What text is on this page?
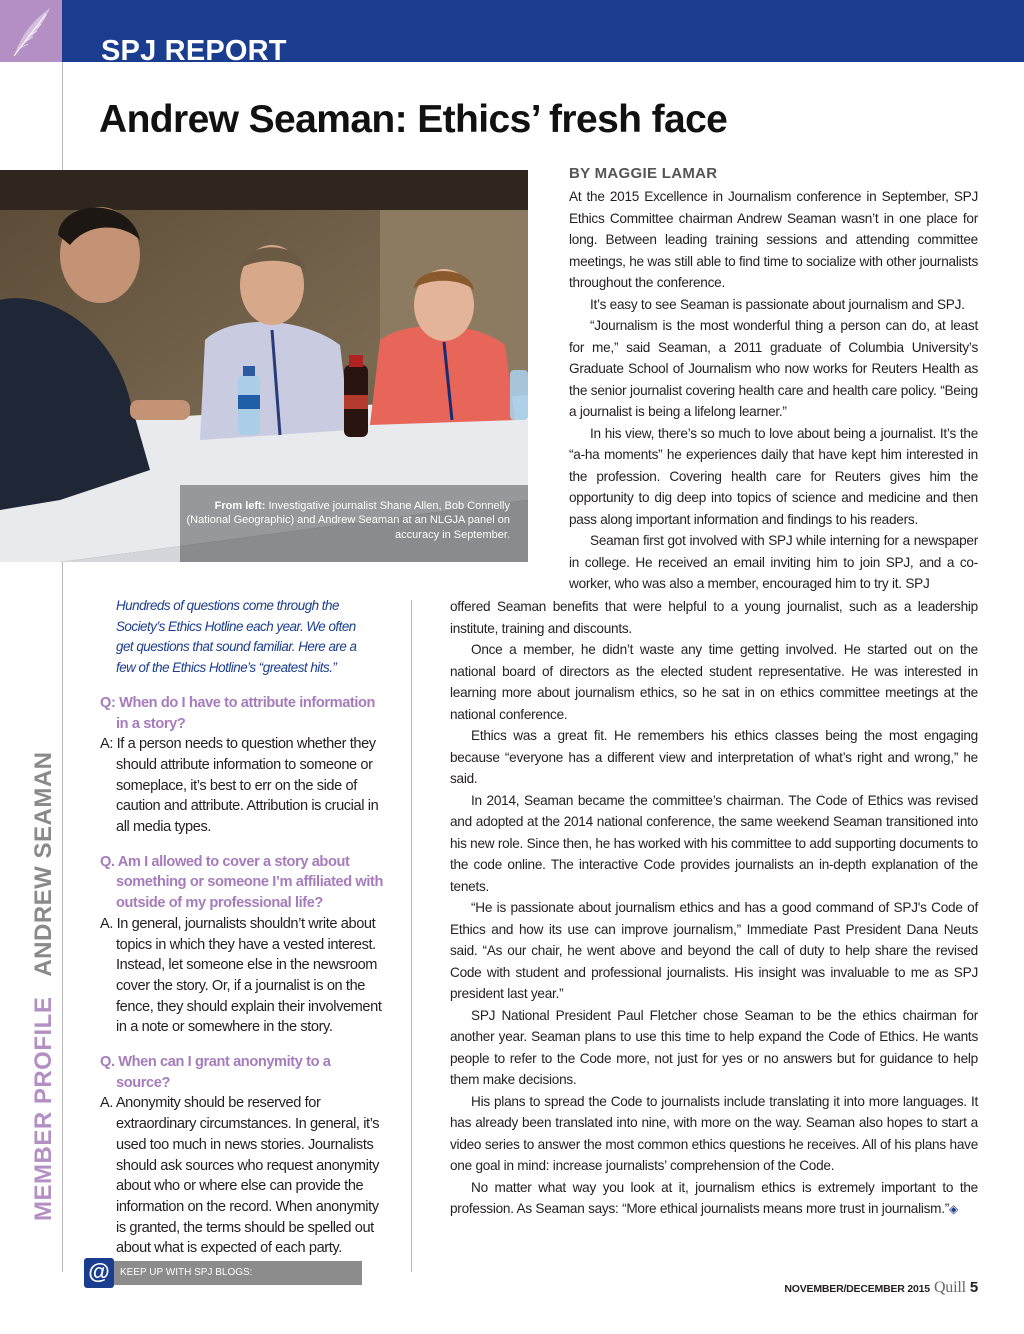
SPJ REPORT
Andrew Seaman: Ethics’ fresh face
From left: Investigative journalist Shane Allen, Bob Connelly (National Geographic) and Andrew Seaman at an NLGJA panel on accuracy in September.
BY MAGGIE LAMAR

At the 2015 Excellence in Journalism conference in September, SPJ Ethics Committee chairman Andrew Seaman wasn’t in one place for long. Between leading training sessions and attending committee meetings, he was still able to find time to socialize with other journalists throughout the conference.

It’s easy to see Seaman is passionate about journalism and SPJ.

“Journalism is the most wonderful thing a person can do, at least for me,” said Seaman, a 2011 graduate of Columbia University’s Graduate School of Journalism who now works for Reuters Health as the senior journalist covering health care and health care policy. “Being a journalist is being a lifelong learner.”

In his view, there’s so much to love about being a journalist. It’s the “a-ha moments” he experiences daily that have kept him interested in the profession. Covering health care for Reuters gives him the opportunity to dig deep into topics of science and medicine and then pass along important information and findings to his readers.

Seaman first got involved with SPJ while interning for a newspaper in college. He received an email inviting him to join SPJ, and a co-worker, who was also a member, encouraged him to try it. SPJ

offered Seaman benefits that were helpful to a young journalist, such as a leadership institute, training and discounts.

Once a member, he didn’t waste any time getting involved. He started out on the national board of directors as the elected student representative. He was interested in learning more about journalism ethics, so he sat in on ethics committee meetings at the national conference.

Ethics was a great fit. He remembers his ethics classes being the most engaging because “everyone has a different view and interpretation of what’s right and wrong,” he said.

In 2014, Seaman became the committee’s chairman. The Code of Ethics was revised and adopted at the 2014 national conference, the same weekend Seaman transitioned into his new role. Since then, he has worked with his committee to add supporting documents to the code online. The interactive Code provides journalists an in-depth explanation of the tenets.

“He is passionate about journalism ethics and has a good command of SPJ's Code of Ethics and how its use can improve journalism,” Immediate Past President Dana Neuts said. “As our chair, he went above and beyond the call of duty to help share the revised Code with student and professional journalists. His insight was invaluable to me as SPJ president last year.”

SPJ National President Paul Fletcher chose Seaman to be the ethics chairman for another year. Seaman plans to use this time to help expand the Code of Ethics. He wants people to refer to the Code more, not just for yes or no answers but for guidance to help them make decisions.

His plans to spread the Code to journalists include translating it into more languages. It has already been translated into nine, with more on the way. Seaman also hopes to start a video series to answer the most common ethics questions he receives. All of his plans have one goal in mind: increase journalists’ comprehension of the Code.

No matter what way you look at it, journalism ethics is extremely important to the profession. As Seaman says: “More ethical journalists means more trust in journalism.”◈

Hundreds of questions come through the Society’s Ethics Hotline each year. We often get questions that sound familiar. Here are a few of the Ethics Hotline’s “greatest hits.”

Q: When do I have to attribute information in a story?
A: If a person needs to question whether they should attribute information to someone or someplace, it’s best to err on the side of caution and attribute. Attribution is crucial in all media types.
Q. Am I allowed to cover a story about something or someone I’m affiliated with outside of my professional life?
A. In general, journalists shouldn’t write about topics in which they have a vested interest. Instead, let someone else in the newsroom cover the story. Or, if a journalist is on the fence, they should explain their involvement in a note or somewhere in the story.
Q. When can I grant anonymity to a source?
A. Anonymity should be reserved for extraordinary circumstances. In general, it’s used too much in news stories. Journalists should ask sources who request anonymity about who or where else can provide the information on the record. When anonymity is granted, the terms should be spelled out about what is expected of each party.
MEMBER PROFILEANDREW SEAMAN
@	KEEP UP WITH SPJ BLOGS: BLOGS.SPJNETWORK.ORG
NOVEMBER/DECEMBER 2015 Quill 5
